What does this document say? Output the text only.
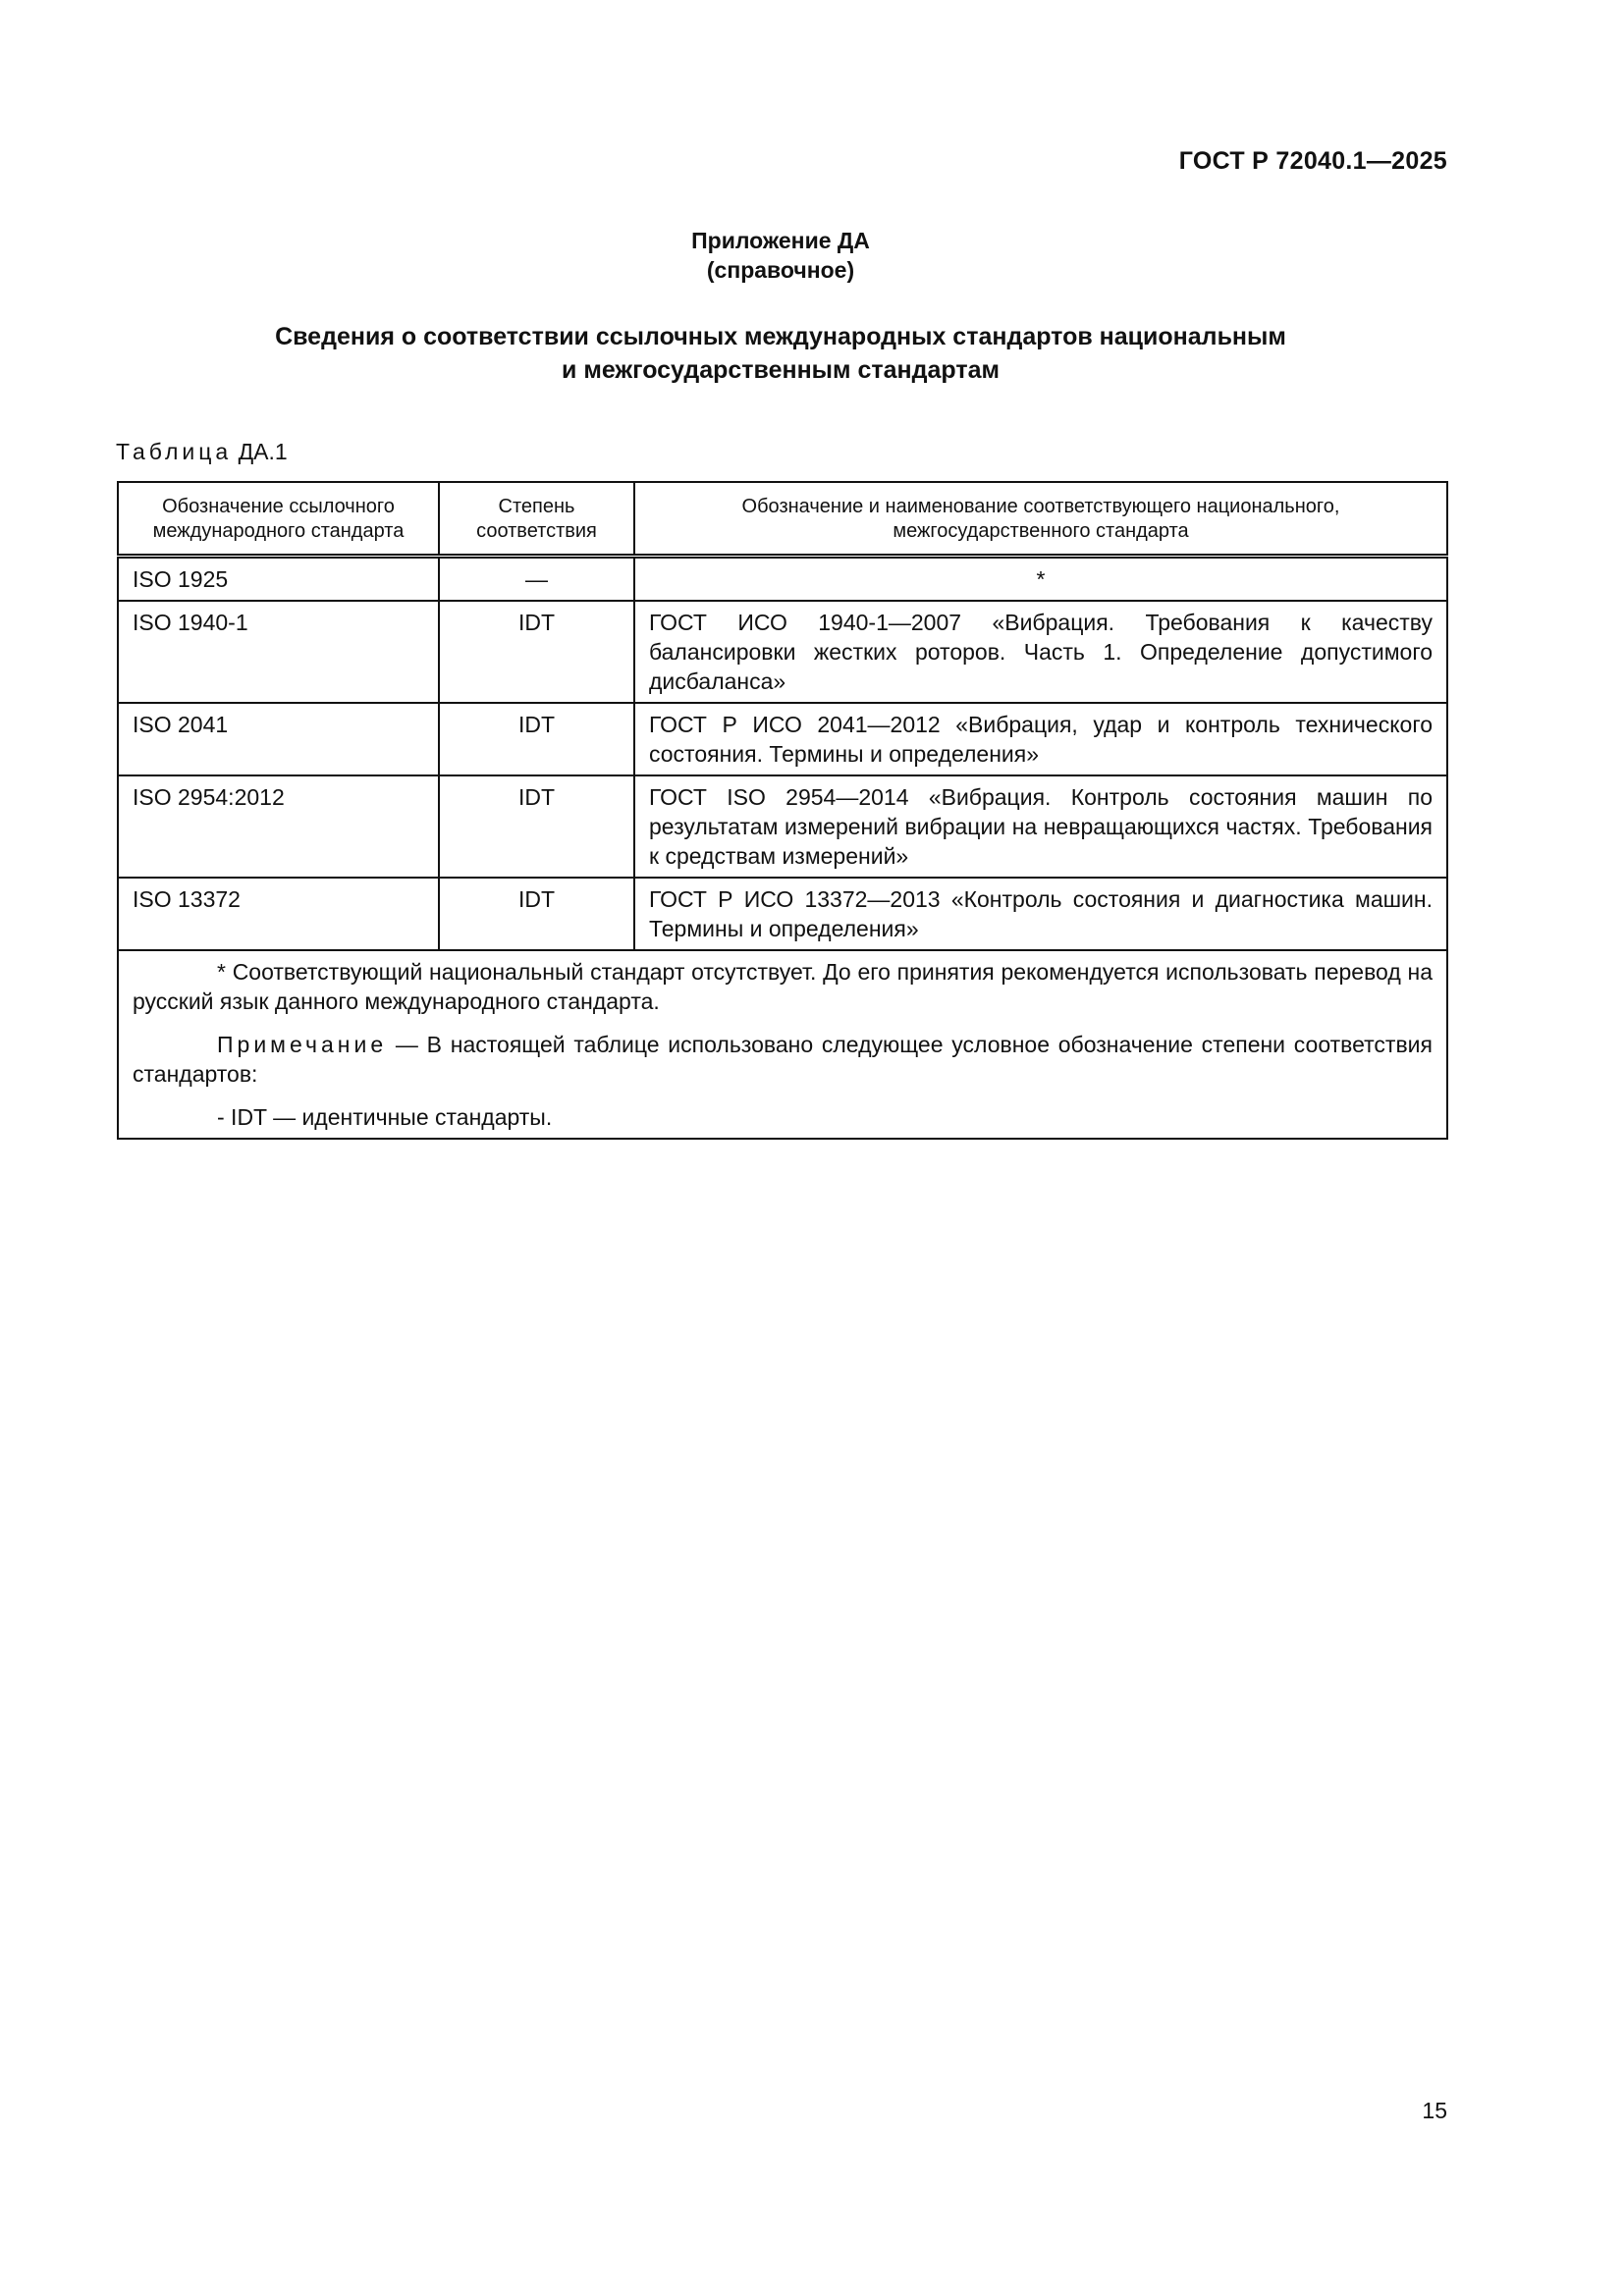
ГОСТ Р 72040.1—2025
Приложение ДА
(справочное)
Сведения о соответствии ссылочных международных стандартов национальным
и межгосударственным стандартам
Таблица ДА.1
Обозначение ссылочного международного стандарта	Степень соответствия	Обозначение и наименование соответствующего национального, межгосударственного стандарта
ISO 1925	—	*
ISO 1940-1	IDT	ГОСТ ИСО 1940-1—2007 «Вибрация. Требования к качеству балансировки жестких роторов. Часть 1. Определение допустимого дисбаланса»
ISO 2041	IDT	ГОСТ Р ИСО 2041—2012 «Вибрация, удар и контроль технического состояния. Термины и определения»
ISO 2954:2012	IDT	ГОСТ ISO 2954—2014 «Вибрация. Контроль состояния машин по результатам измерений вибрации на невращающихся частях. Требования к средствам измерений»
ISO 13372	IDT	ГОСТ Р ИСО 13372—2013 «Контроль состояния и диагностика машин. Термины и определения»

* Соответствующий национальный стандарт отсутствует. До его принятия рекомендуется использовать перевод на русский язык данного международного стандарта.

Примечание — В настоящей таблице использовано следующее условное обозначение степени соответствия стандартов:

- IDT — идентичные стандарты.		

15
